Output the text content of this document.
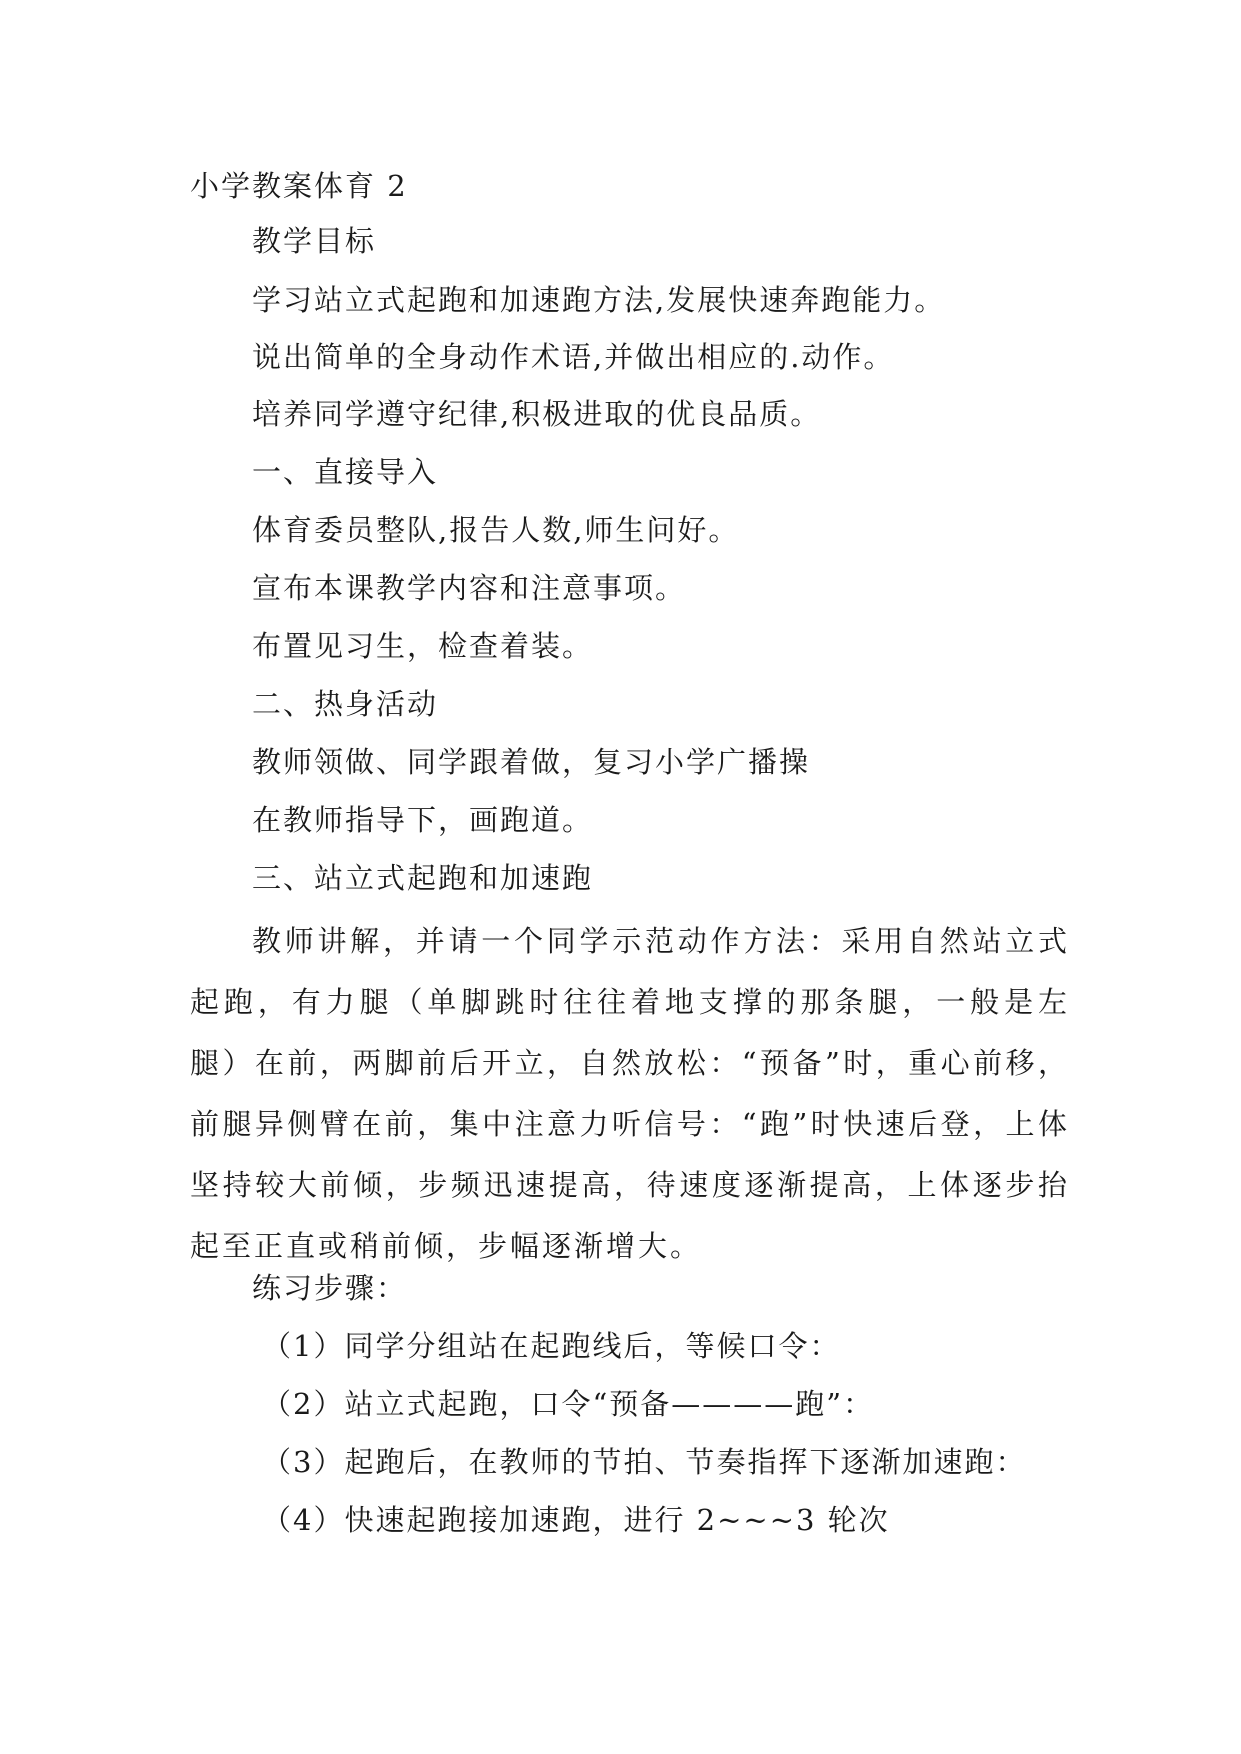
小学教案体育 2
教学目标
学习站立式起跑和加速跑方法,发展快速奔跑能力。
说出简单的全身动作术语,并做出相应的.动作。
培养同学遵守纪律,积极进取的优良品质。
一、直接导入
体育委员整队,报告人数,师生问好。
宣布本课教学内容和注意事项。
布置见习生，检查着装。
二、热身活动
教师领做、同学跟着做，复习小学广播操
在教师指导下，画跑道。
三、站立式起跑和加速跑
教师讲解，并请一个同学示范动作方法：采用自然站立式起跑，有力腿（单脚跳时往往着地支撑的那条腿，一般是左腿）在前，两脚前后开立，自然放松：“预备”时，重心前移，前腿异侧臂在前，集中注意力听信号：“跑”时快速后登，上体坚持较大前倾，步频迅速提高，待速度逐渐提高，上体逐步抬起至正直或稍前倾，步幅逐渐增大。
练习步骤：
（1）同学分组站在起跑线后，等候口令：
（2）站立式起跑，口令“预备————跑”：
（3）起跑后，在教师的节拍、节奏指挥下逐渐加速跑：
（4）快速起跑接加速跑，进行 2~~~3 轮次
